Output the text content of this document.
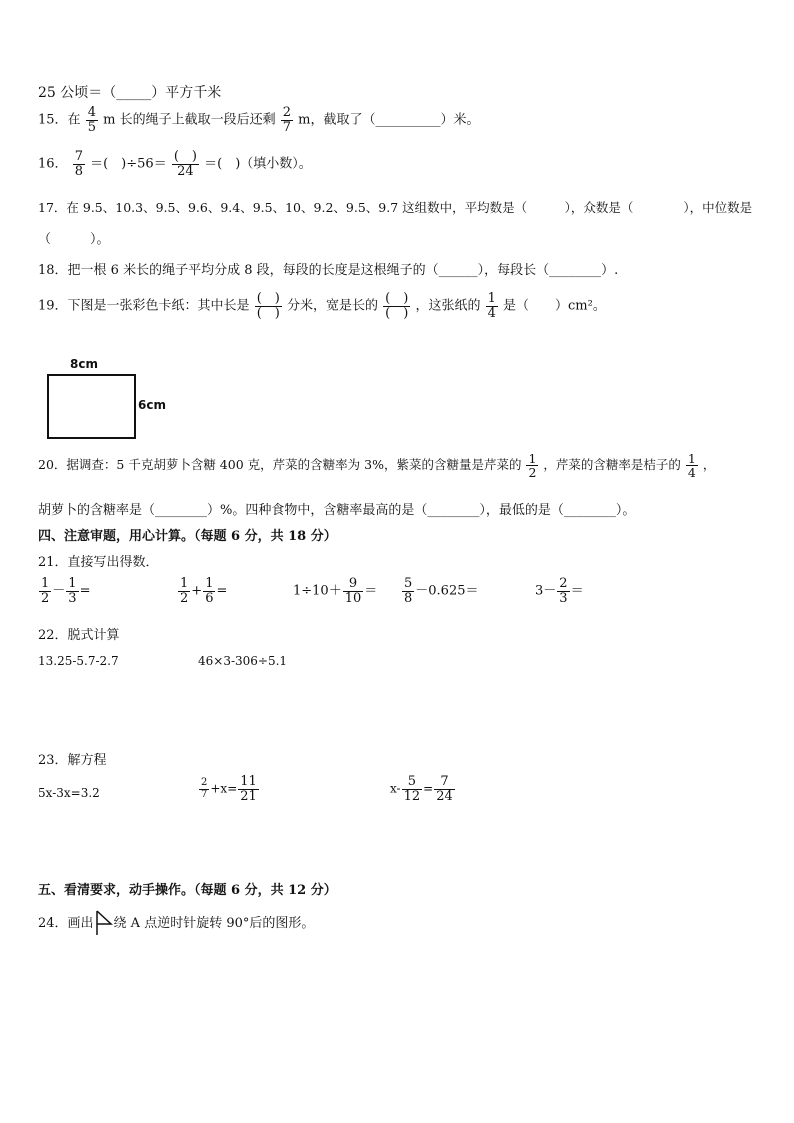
25 公顷＝（_____）平方千米
15．在 $\frac{4}{5}$ m 长的绳子上截取一段后还剩 $\frac{2}{7}$ m，截取了（__________）米。
16． $\frac{7}{8}$ ＝(　)$\div 56= \frac{( )}{24}$ ＝(　)（填小数）。
17．在 9.5、10.3、9.5、9.6、9.4、9.5、10、9.2、9.5、9.7 这组数中，平均数是（　　　），众数是（　　　　），中位数是
（　　　）。
18．把一根 6 米长的绳子平均分成 8 段，每段的长度是这根绳子的（______），每段长（________）.
19．下图是一张彩色卡纸：其中长是 $\frac{( )}{( )}$ 分米，宽是长的 $\frac{( )}{( )}$ ，这张纸的 $\frac{1}{4}$ 是（　　）cm²。
8cm
6cm
20．据调查：5 千克胡萝卜含糖 400 克，芹菜的含糖率为 3%，紫菜的含糖量是芹菜的 $\frac{1}{2}$ ，芹菜的含糖率是桔子的 $\frac{1}{4}$ ，
胡萝卜的含糖率是（________）%。四种食物中，含糖率最高的是（________），最低的是（________）。
四、注意审题，用心计算。（每题 6 分，共 18 分）
21．直接写出得数．
$\frac{1}{2} - \frac{1}{3}$ =	$\frac{1}{2} + \frac{1}{6}$ =	$1\div 10+ \frac{9}{10} = \frac{5}{8} -0.625=$	$3- \frac{2}{3}$ ＝
22．脱式计算
13.25-5.7-2.7	46×3-306÷5.1
23．解方程
5x-3x=3.2	$\frac{2}{7} +x= \frac{11}{21}$	$x- \frac{5}{12} = \frac{7}{24}$
五、看清要求，动手操作。（每题 6 分，共 12 分）
24．画出 绕 A 点逆时针旋转 90°后的图形。
